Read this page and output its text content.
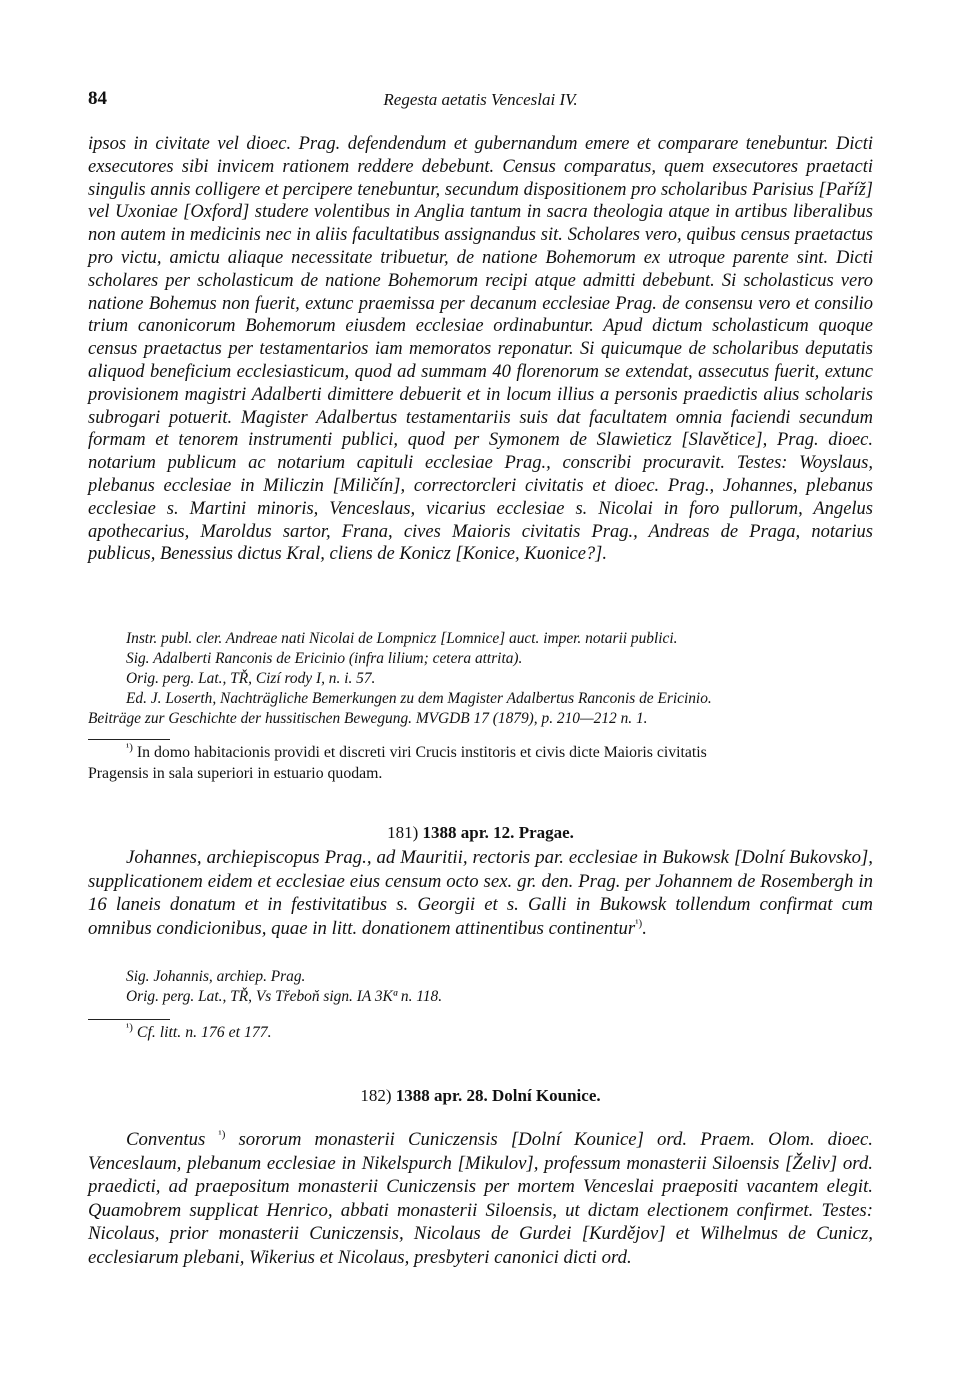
84	Regesta aetatis Venceslai IV.

ipsos in civitate vel dioec. Prag. defendendum et gubernandum emere et comparare tenebuntur. Dicti exsecutores sibi invicem rationem reddere debebunt. Census comparatus, quem exsecutores praetacti singulis annis colligere et percipere tenebuntur, secundum dispositionem pro scholaribus Parisius [Paříž] vel Uxoniae [Oxford] studere volentibus in Anglia tantum in sacra theologia atque in artibus liberalibus non autem in medicinis nec in aliis facultatibus assignandus sit. Scholares vero, quibus census praetactus pro victu, amictu aliaque necessitate tribuetur, de natione Bohemorum ex utroque parente sint. Dicti scholares per scholasticum de natione Bohemorum recipi atque admitti debebunt. Si scholasticus vero natione Bohemus non fuerit, extunc praemissa per decanum ecclesiae Prag. de consensu vero et consilio trium canonicorum Bohemorum eiusdem ecclesiae ordinabuntur. Apud dictum scholasticum quoque census praetactus per testamentarios iam memoratos reponatur. Si quicumque de scholaribus deputatis aliquod beneficium ecclesiasticum, quod ad summam 40 florenorum se extendat, assecutus fuerit, extunc provisionem magistri Adalberti dimittere debuerit et in locum illius a personis praedictis alius scholaris subrogari potuerit. Magister Adalbertus testamentariis suis dat facultatem omnia faciendi secundum formam et tenorem instrumenti publici, quod per Symonem de Slawieticz [Slavětice], Prag. dioec. notarium publicum ac notarium capituli ecclesiae Prag., conscribi procuravit. Testes: Woyslaus, plebanus ecclesiae in Miliczin [Miličín], correctorcleri civitatis et dioec. Prag., Johannes, plebanus ecclesiae s. Martini minoris, Venceslaus, vicarius ecclesiae s. Nicolai in foro pullorum, Angelus apothecarius, Maroldus sartor, Frana, cives Maioris civitatis Prag., Andreas de Praga, notarius publicus, Benessius dictus Kral, cliens de Konicz [Konice, Kuonice?].

Instr. publ. cler. Andreae nati Nicolai de Lompnicz [Lomnice] auct. imper. notarii publici.
Sig. Adalberti Ranconis de Ericinio (infra lilium; cetera attrita).
Orig. perg. Lat., TŘ, Cizí rody I, n. i. 57.
Ed. J. Loserth, Nachträgliche Bemerkungen zu dem Magister Adalbertus Ranconis de Ericinio.
Beiträge zur Geschichte der hussitischen Bewegung. MVGDB 17 (1879), p. 210—212 n. 1.
$^{^1)}$ In domo habitacionis providi et discreti viri Crucis institoris et civis dicte Maioris civitatis
Pragensis in sala superiori in estuario quodam.
181) 1388 apr. 12. Pragae.

Johannes, archiepiscopus Prag., ad Mauritii, rectoris par. ecclesiae in Bukowsk [Dolní Bukovsko], supplicationem eidem et ecclesiae eius censum octo sex. gr. den. Prag. per Johannem de Rosembergh in 16 laneis donatum et in festivitatibus s. Georgii et s. Galli in Bukowsk tollendum confirmat cum omnibus condicionibus, quae in litt. donationem attinentibus continentur$^{^1)}$.

Sig. Johannis, archiep. Prag.
Orig. perg. Lat., TŘ, Vs Třeboň sign. IA 3Kª n. 118.
$^{^1)}$ Cf. litt. n. 176 et 177.
182) 1388 apr. 28. Dolní Kounice.

Conventus $^{^1)}$ sororum monasterii Cuniczensis [Dolní Kounice] ord. Praem. Olom. dioec. Venceslaum, plebanum ecclesiae in Nikelspurch [Mikulov], professum monasterii Siloensis [Želiv] ord. praedicti, ad praepositum monasterii Cuniczensis per mortem Venceslai praepositi vacantem elegit. Quamobrem supplicat Henrico, abbati monasterii Siloensis, ut dictam electionem confirmet. Testes: Nicolaus, prior monasterii Cuniczensis, Nicolaus de Gurdei [Kurdějov] et Wilhelmus de Cunicz, ecclesiarum plebani, Wikerius et Nicolaus, presbyteri canonici dicti ord.
